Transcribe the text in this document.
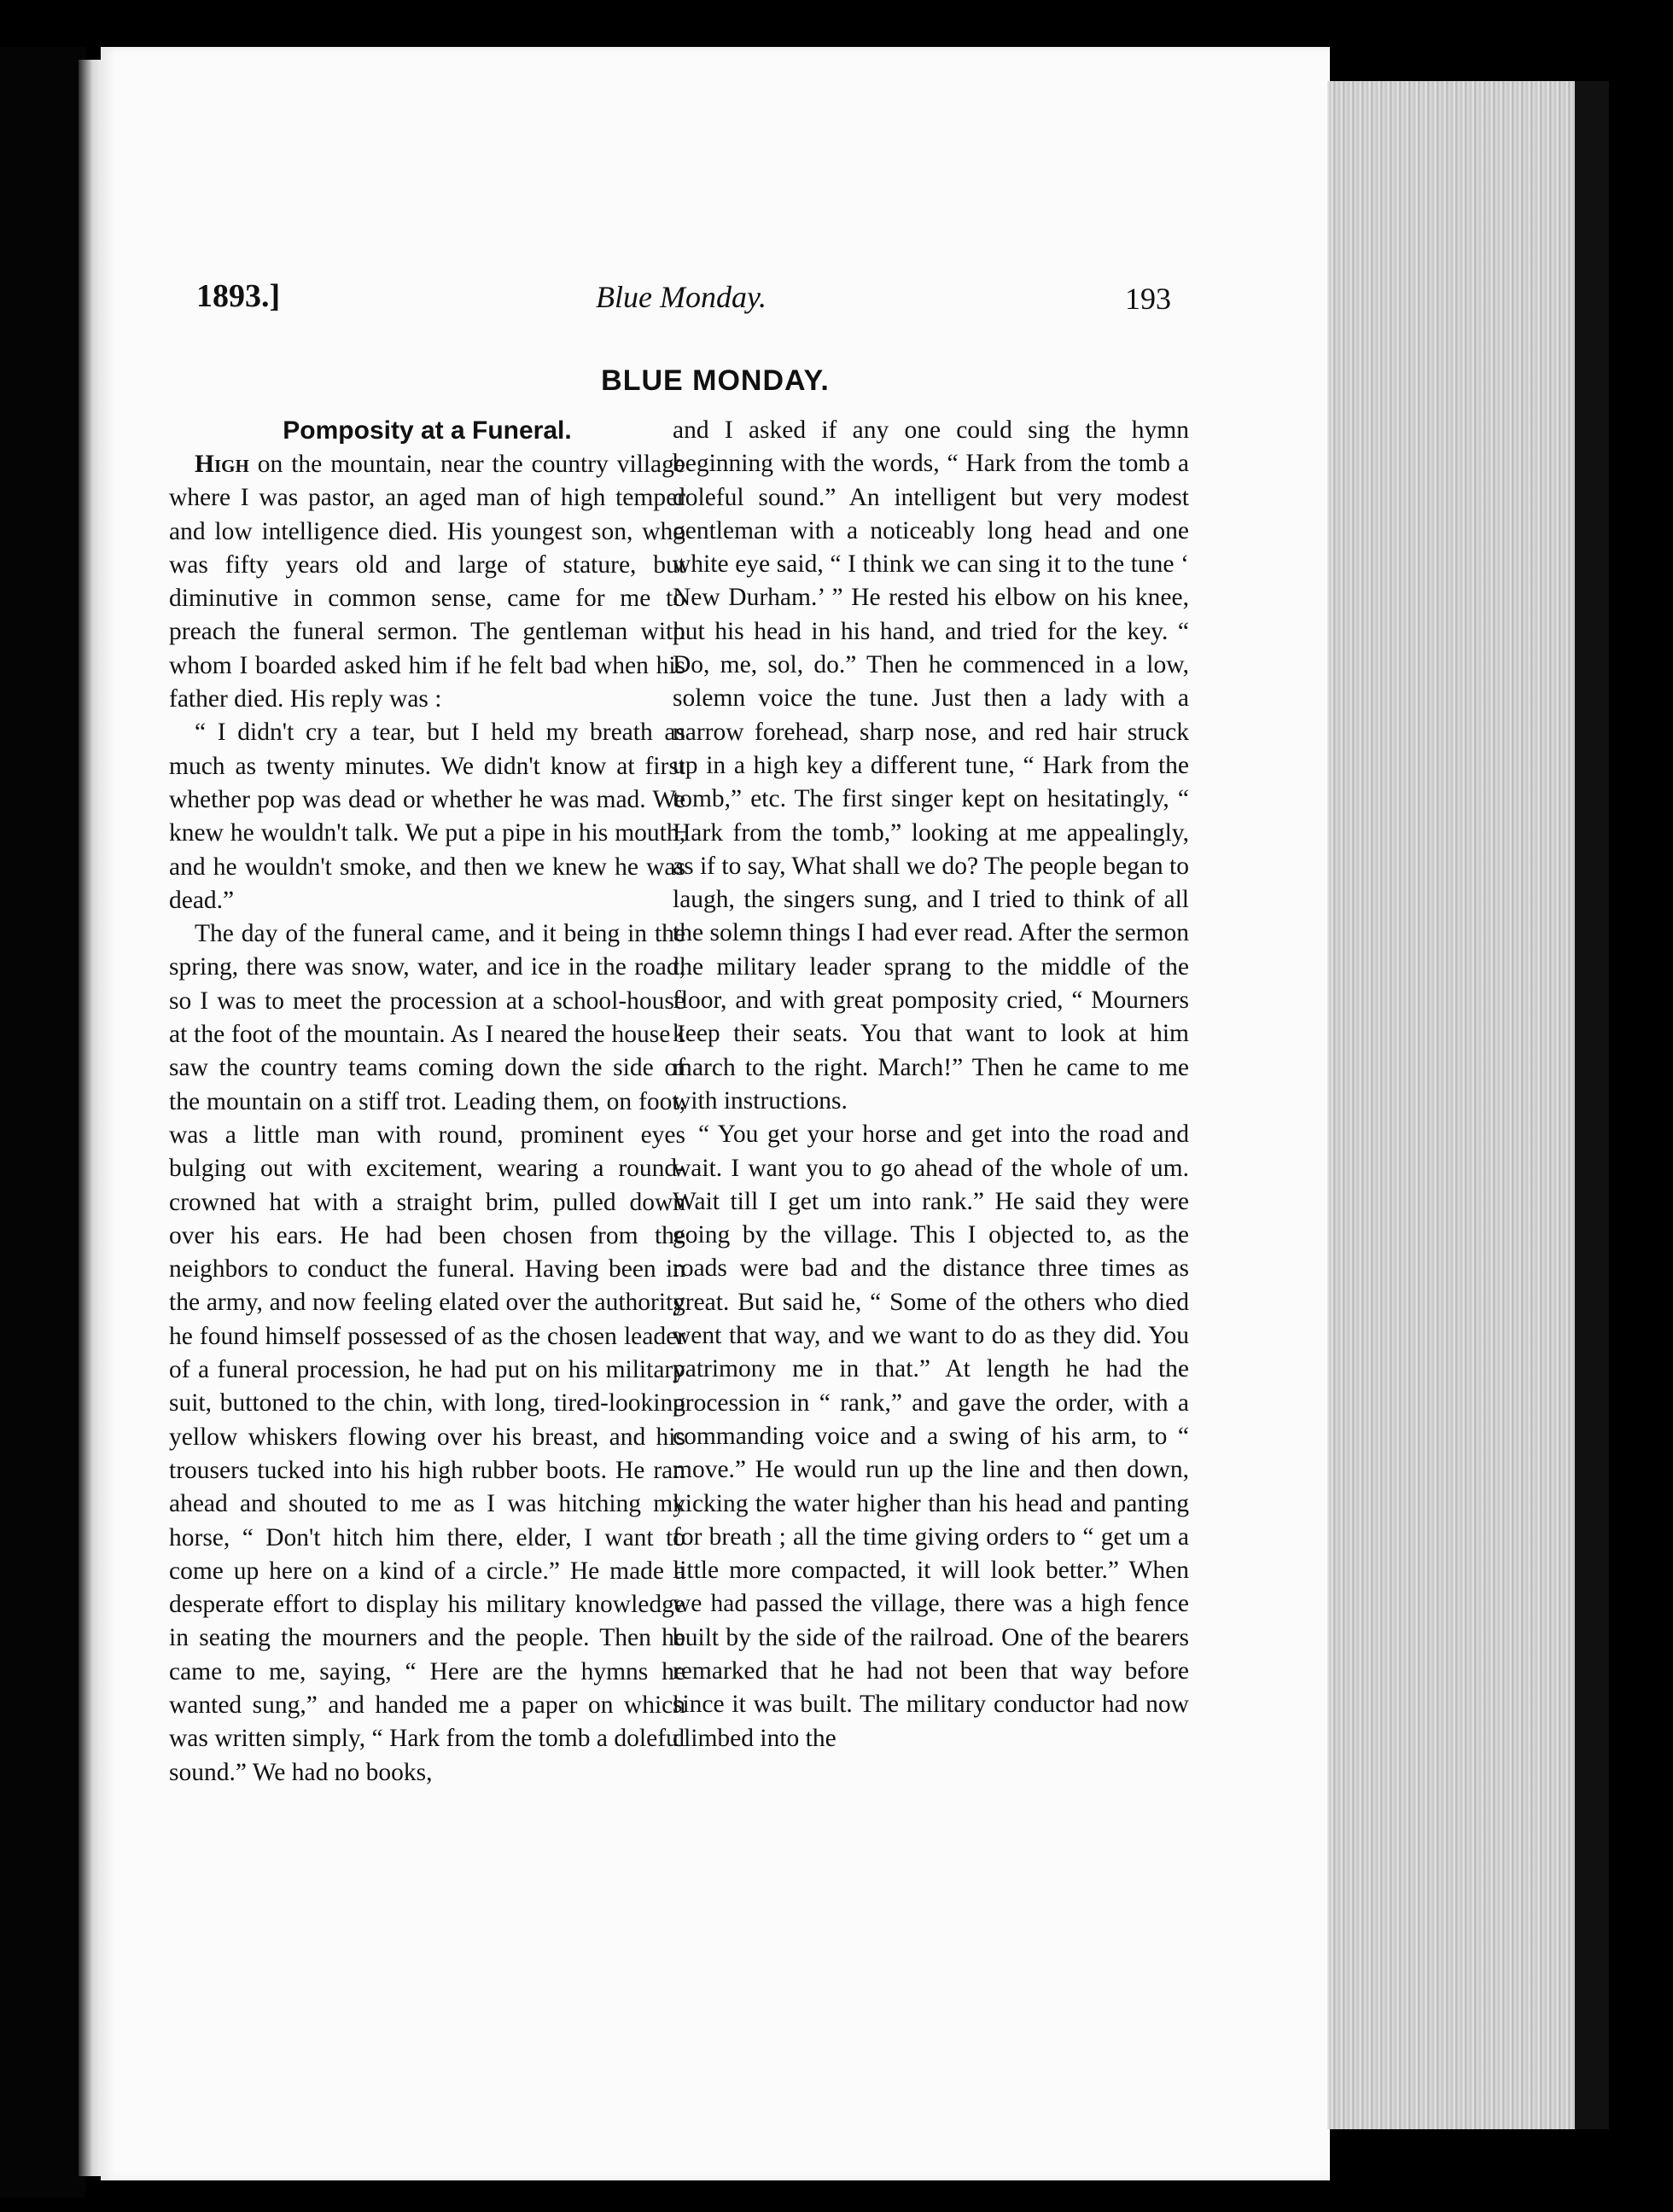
1893.]	Blue Monday.	193
BLUE MONDAY.
Pomposity at a Funeral.

High on the mountain, near the country village where I was pastor, an aged man of high temper and low intelligence died. His youngest son, who was fifty years old and large of stature, but diminutive in common sense, came for me to preach the funeral sermon. The gentleman with whom I boarded asked him if he felt bad when his father died. His reply was :

“ I didn't cry a tear, but I held my breath as much as twenty minutes. We didn't know at first whether pop was dead or whether he was mad. We knew he wouldn't talk. We put a pipe in his mouth, and he wouldn't smoke, and then we knew he was dead.”

The day of the funeral came, and it being in the spring, there was snow, water, and ice in the road, so I was to meet the procession at a school-house at the foot of the mountain. As I neared the house I saw the country teams coming down the side of the mountain on a stiff trot. Leading them, on foot, was a little man with round, prominent eyes bulging out with excitement, wearing a round-crowned hat with a straight brim, pulled down over his ears. He had been chosen from the neighbors to conduct the funeral. Having been in the army, and now feeling elated over the authority he found himself possessed of as the chosen leader of a funeral procession, he had put on his military suit, buttoned to the chin, with long, tired-looking yellow whiskers flowing over his breast, and his trousers tucked into his high rubber boots. He ran ahead and shouted to me as I was hitching my horse, “ Don't hitch him there, elder, I want to come up here on a kind of a circle.” He made a desperate effort to display his military knowledge in seating the mourners and the people. Then he came to me, saying, “ Here are the hymns he wanted sung,” and handed me a paper on which was written simply, “ Hark from the tomb a doleful sound.” We had no books,

and I asked if any one could sing the hymn beginning with the words, “ Hark from the tomb a doleful sound.” An intelligent but very modest gentleman with a noticeably long head and one white eye said, “ I think we can sing it to the tune ‘ New Durham.’ ” He rested his elbow on his knee, put his head in his hand, and tried for the key. “ Do, me, sol, do.” Then he commenced in a low, solemn voice the tune. Just then a lady with a narrow forehead, sharp nose, and red hair struck up in a high key a different tune, “ Hark from the tomb,” etc. The first singer kept on hesitatingly, “ Hark from the tomb,” looking at me appealingly, as if to say, What shall we do? The people began to laugh, the singers sung, and I tried to think of all the solemn things I had ever read. After the sermon the military leader sprang to the middle of the floor, and with great pomposity cried, “ Mourners keep their seats. You that want to look at him march to the right. March!” Then he came to me with instructions.

“ You get your horse and get into the road and wait. I want you to go ahead of the whole of um. Wait till I get um into rank.” He said they were going by the village. This I objected to, as the roads were bad and the distance three times as great. But said he, “ Some of the others who died went that way, and we want to do as they did. You patrimony me in that.” At length he had the procession in “ rank,” and gave the order, with a commanding voice and a swing of his arm, to “ move.” He would run up the line and then down, kicking the water higher than his head and panting for breath ; all the time giving orders to “ get um a little more compacted, it will look better.” When we had passed the village, there was a high fence built by the side of the railroad. One of the bearers remarked that he had not been that way before since it was built. The military conductor had now climbed into the
